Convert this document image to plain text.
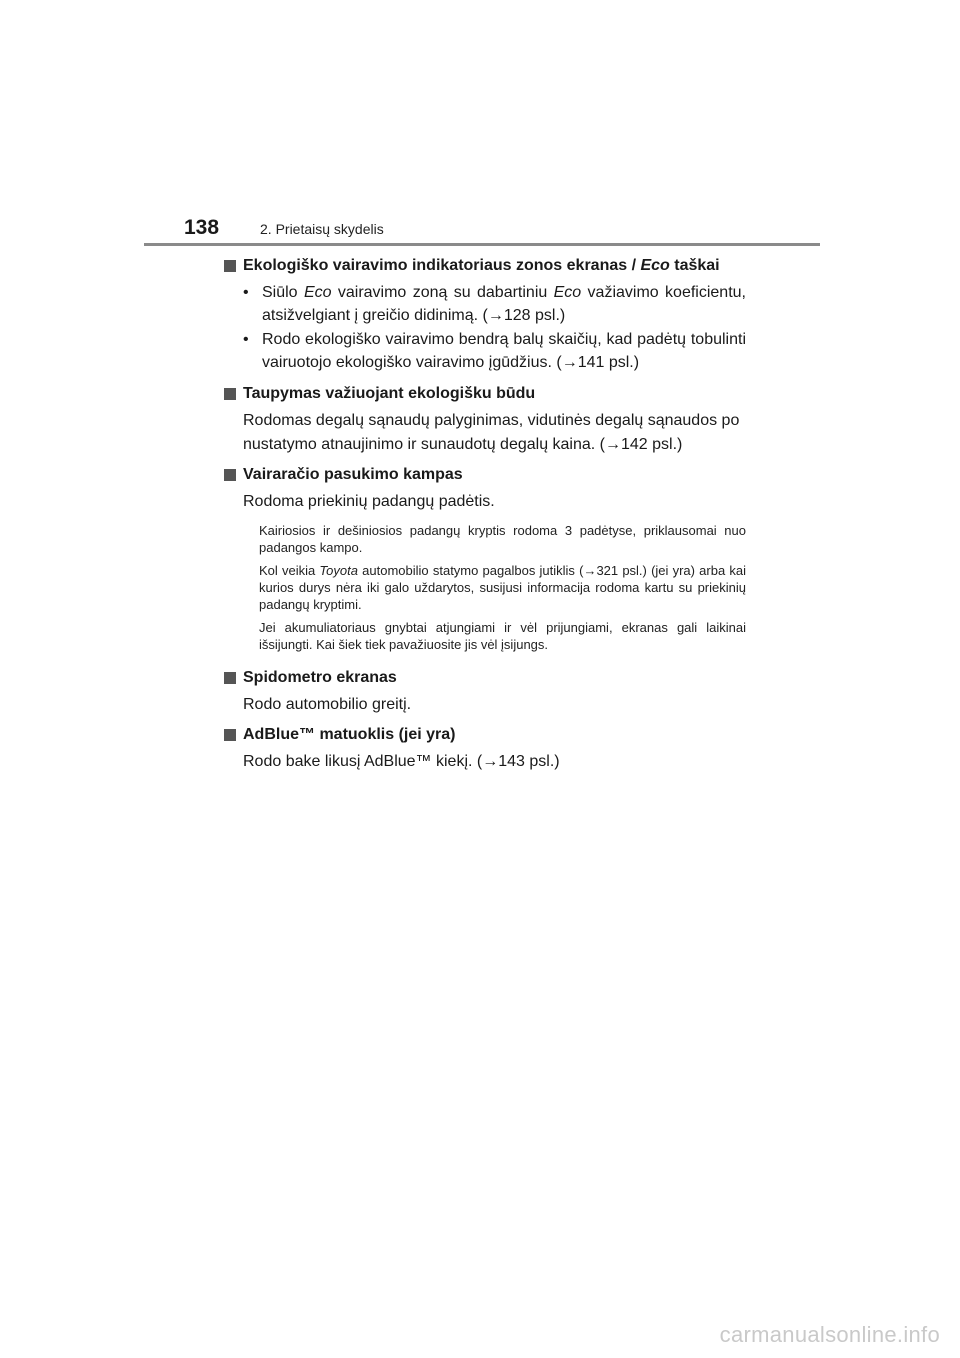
138	2. Prietaisų skydelis
Ekologiško vairavimo indikatoriaus zonos ekranas / Eco taškai
• Siūlo Eco vairavimo zoną su dabartiniu Eco važiavimo koeficientu, atsižvelgiant į greičio didinimą. (→128 psl.)
• Rodo ekologiško vairavimo bendrą balų skaičių, kad padėtų tobulinti vairuotojo ekologiško vairavimo įgūdžius. (→141 psl.)
Taupymas važiuojant ekologišku būdu
Rodomas degalų sąnaudų palyginimas, vidutinės degalų sąnaudos po nustatymo atnaujinimo ir sunaudotų degalų kaina. (→142 psl.)
Vairaračio pasukimo kampas
Rodoma priekinių padangų padėtis.
Kairiosios ir dešiniosios padangų kryptis rodoma 3 padėtyse, priklausomai nuo padangos kampo.
Kol veikia Toyota automobilio statymo pagalbos jutiklis (→321 psl.) (jei yra) arba kai kurios durys nėra iki galo uždarytos, susijusi informacija rodoma kartu su priekinių padangų kryptimi.
Jei akumuliatoriaus gnybtai atjungiami ir vėl prijungiami, ekranas gali laikinai išsijungti. Kai šiek tiek pavažiuosite jis vėl įsijungs.
Spidometro ekranas
Rodo automobilio greitį.
AdBlue™ matuoklis (jei yra)
Rodo bake likusį AdBlue™ kiekį. (→143 psl.)
carmanualsonline.info
